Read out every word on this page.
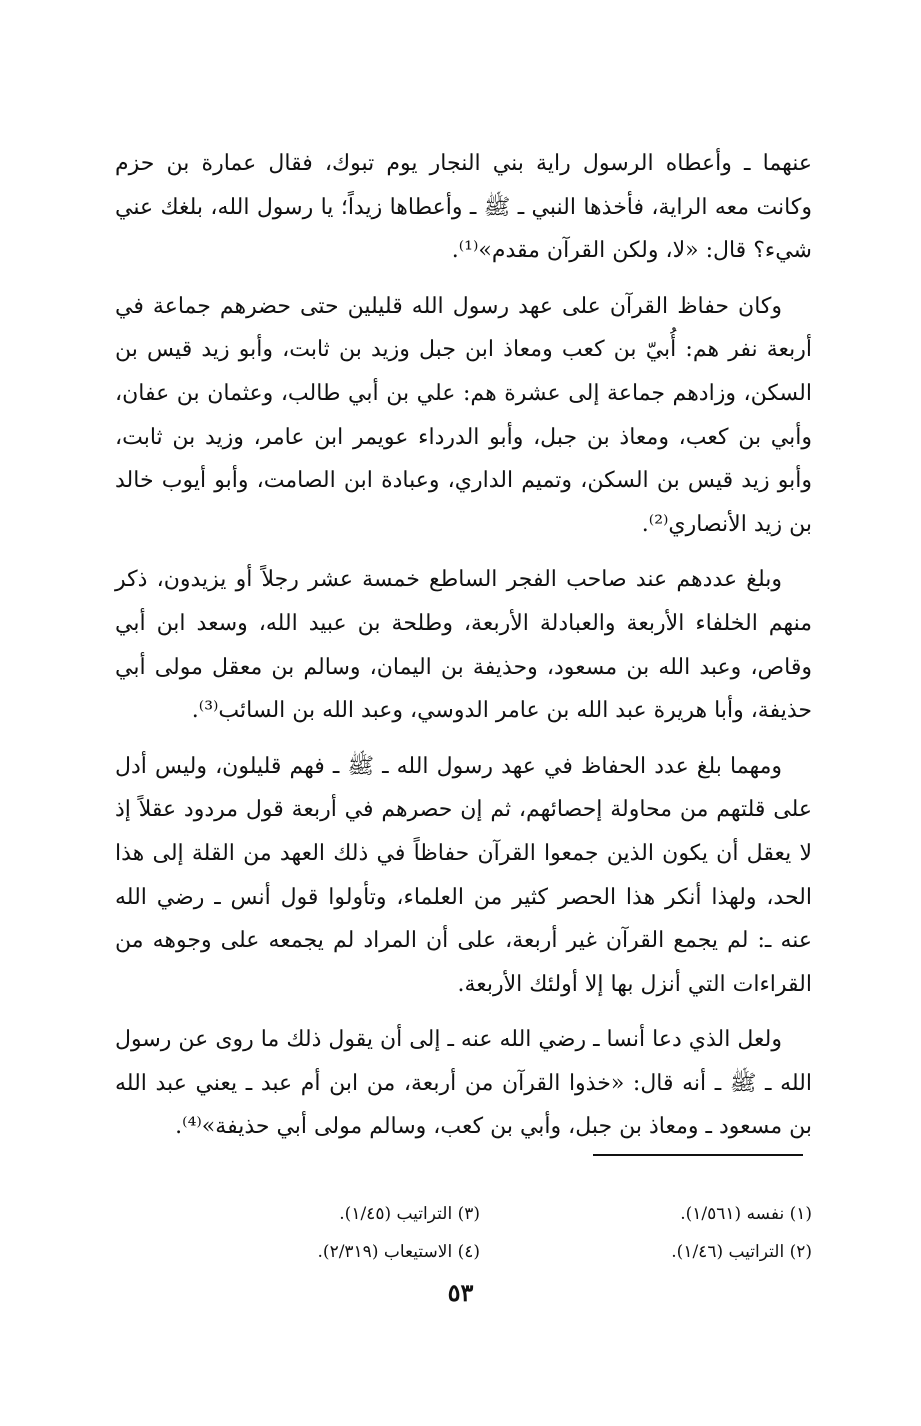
عنهما ـ وأعطاه الرسول راية بني النجار يوم تبوك، فقال عمارة بن حزم وكانت معه الراية، فأخذها النبي ـ ﷺ ـ وأعطاها زيداً؛ يا رسول الله، بلغك عني شيء؟ قال: «لا، ولكن القرآن مقدم»⁽¹⁾.

وكان حفاظ القرآن على عهد رسول الله قليلين حتى حضرهم جماعة في أربعة نفر هم: أُبيّ بن كعب ومعاذ ابن جبل وزيد بن ثابت، وأبو زيد قيس بن السكن، وزادهم جماعة إلى عشرة هم: علي بن أبي طالب، وعثمان بن عفان، وأبي بن كعب، ومعاذ بن جبل، وأبو الدرداء عويمر ابن عامر، وزيد بن ثابت، وأبو زيد قيس بن السكن، وتميم الداري، وعبادة ابن الصامت، وأبو أيوب خالد بن زيد الأنصاري⁽²⁾.

وبلغ عددهم عند صاحب الفجر الساطع خمسة عشر رجلاً أو يزيدون، ذكر منهم الخلفاء الأربعة والعبادلة الأربعة، وطلحة بن عبيد الله، وسعد ابن أبي وقاص، وعبد الله بن مسعود، وحذيفة بن اليمان، وسالم بن معقل مولى أبي حذيفة، وأبا هريرة عبد الله بن عامر الدوسي، وعبد الله بن السائب⁽³⁾.

ومهما بلغ عدد الحفاظ في عهد رسول الله ـ ﷺ ـ فهم قليلون، وليس أدل على قلتهم من محاولة إحصائهم، ثم إن حصرهم في أربعة قول مردود عقلاً إذ لا يعقل أن يكون الذين جمعوا القرآن حفاظاً في ذلك العهد من القلة إلى هذا الحد، ولهذا أنكر هذا الحصر كثير من العلماء، وتأولوا قول أنس ـ رضي الله عنه ـ: لم يجمع القرآن غير أربعة، على أن المراد لم يجمعه على وجوهه من القراءات التي أنزل بها إلا أولئك الأربعة.

ولعل الذي دعا أنسا ـ رضي الله عنه ـ إلى أن يقول ذلك ما روى عن رسول الله ـ ﷺ ـ أنه قال: «خذوا القرآن من أربعة، من ابن أم عبد ـ يعني عبد الله بن مسعود ـ ومعاذ بن جبل، وأبي بن كعب، وسالم مولى أبي حذيفة»⁽⁴⁾.

(١) نفسه (١/٥٦١).
(٢) التراتيب (١/٤٦).
(٣) التراتيب (١/٤٥).
(٤) الاستيعاب (٢/٣١٩).
٥٣
